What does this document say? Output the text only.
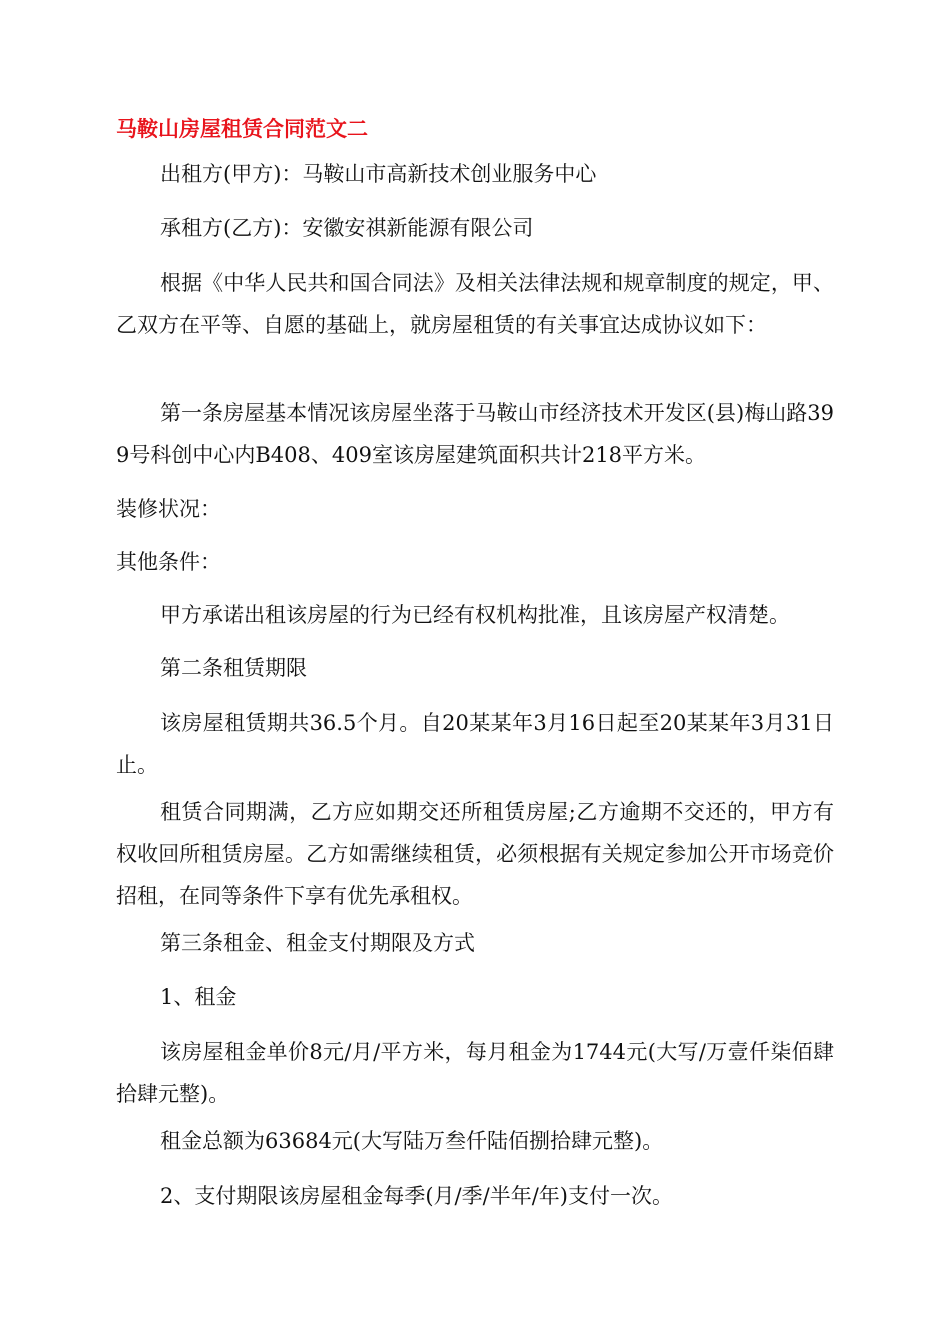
马鞍山房屋租赁合同范文二

出租方(甲方)：马鞍山市高新技术创业服务中心

承租方(乙方)：安徽安祺新能源有限公司

根据《中华人民共和国合同法》及相关法律法规和规章制度的规定，甲、乙双方在平等、自愿的基础上，就房屋租赁的有关事宜达成协议如下：

第一条房屋基本情况该房屋坐落于马鞍山市经济技术开发区(县)梅山路399号科创中心内B408、409室该房屋建筑面积共计218平方米。

装修状况：

其他条件：

甲方承诺出租该房屋的行为已经有权机构批准，且该房屋产权清楚。

第二条租赁期限

该房屋租赁期共36.5个月。自20某某年3月16日起至20某某年3月31日止。

租赁合同期满，乙方应如期交还所租赁房屋;乙方逾期不交还的，甲方有权收回所租赁房屋。乙方如需继续租赁，必须根据有关规定参加公开市场竞价招租，在同等条件下享有优先承租权。

第三条租金、租金支付期限及方式

1、租金

该房屋租金单价8元/月/平方米，每月租金为1744元(大写/万壹仟柒佰肆拾肆元整)。

租金总额为63684元(大写陆万叁仟陆佰捌拾肆元整)。

2、支付期限该房屋租金每季(月/季/半年/年)支付一次。
